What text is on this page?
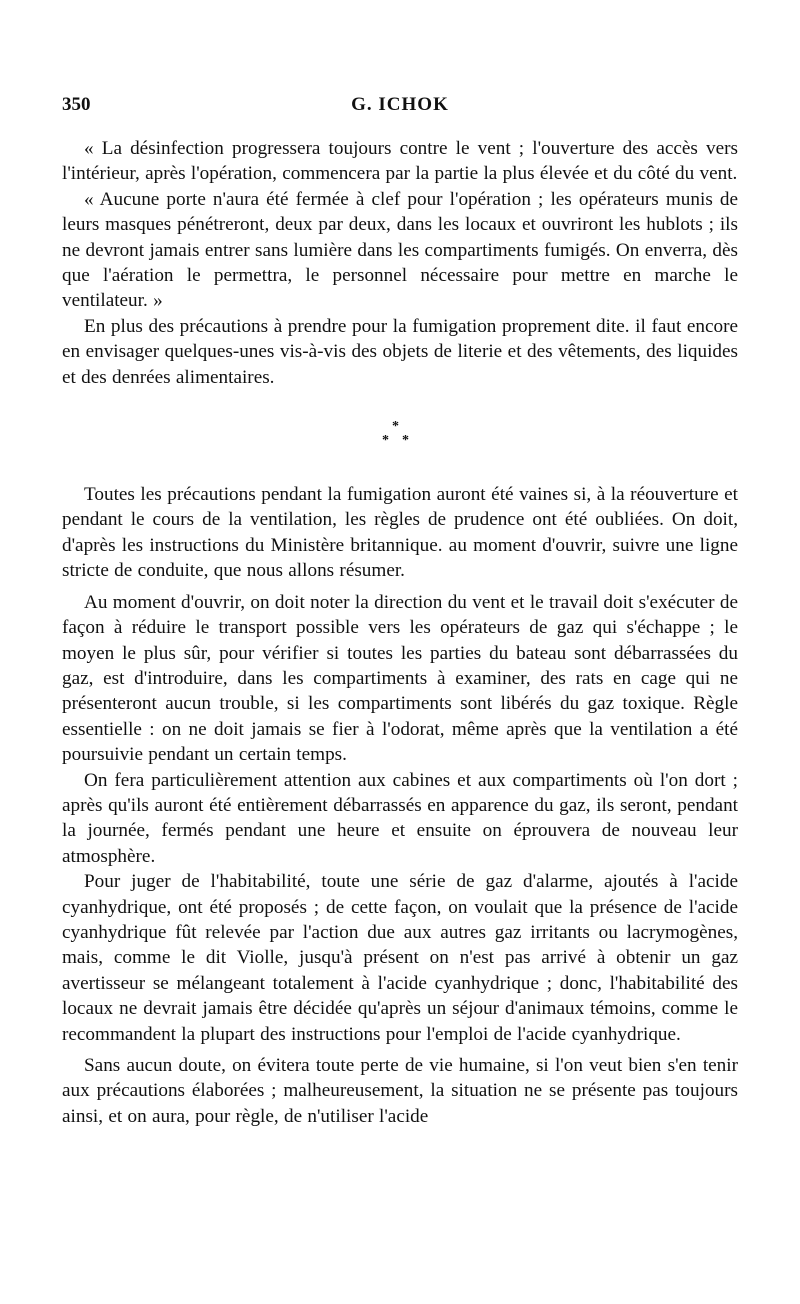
350	G. ICHOK

« La désinfection progressera toujours contre le vent ; l'ouverture des accès vers l'intérieur, après l'opération, commencera par la partie la plus élevée et du côté du vent.

« Aucune porte n'aura été fermée à clef pour l'opération ; les opérateurs munis de leurs masques pénétreront, deux par deux, dans les locaux et ouvriront les hublots ; ils ne devront jamais entrer sans lumière dans les compartiments fumigés. On enverra, dès que l'aération le permettra, le personnel nécessaire pour mettre en marche le ventilateur. »

En plus des précautions à prendre pour la fumigation proprement dite. il faut encore en envisager quelques-unes vis-à-vis des objets de literie et des vêtements, des liquides et des denrées alimentaires.

*
* *

Toutes les précautions pendant la fumigation auront été vaines si, à la réouverture et pendant le cours de la ventilation, les règles de prudence ont été oubliées. On doit, d'après les instructions du Ministère britannique. au moment d'ouvrir, suivre une ligne stricte de conduite, que nous allons résumer.

Au moment d'ouvrir, on doit noter la direction du vent et le travail doit s'exécuter de façon à réduire le transport possible vers les opérateurs de gaz qui s'échappe ; le moyen le plus sûr, pour vérifier si toutes les parties du bateau sont débarrassées du gaz, est d'introduire, dans les compartiments à examiner, des rats en cage qui ne présenteront aucun trouble, si les compartiments sont libérés du gaz toxique. Règle essentielle : on ne doit jamais se fier à l'odorat, même après que la ventilation a été poursuivie pendant un certain temps.

On fera particulièrement attention aux cabines et aux compartiments où l'on dort ; après qu'ils auront été entièrement débarrassés en apparence du gaz, ils seront, pendant la journée, fermés pendant une heure et ensuite on éprouvera de nouveau leur atmosphère.

Pour juger de l'habitabilité, toute une série de gaz d'alarme, ajoutés à l'acide cyanhydrique, ont été proposés ; de cette façon, on voulait que la présence de l'acide cyanhydrique fût relevée par l'action due aux autres gaz irritants ou lacrymogènes, mais, comme le dit Violle, jusqu'à présent on n'est pas arrivé à obtenir un gaz avertisseur se mélangeant totalement à l'acide cyanhydrique ; donc, l'habitabilité des locaux ne devrait jamais être décidée qu'après un séjour d'animaux témoins, comme le recommandent la plupart des instructions pour l'emploi de l'acide cyanhydrique.

Sans aucun doute, on évitera toute perte de vie humaine, si l'on veut bien s'en tenir aux précautions élaborées ; malheureusement, la situation ne se présente pas toujours ainsi, et on aura, pour règle, de n'utiliser l'acide
